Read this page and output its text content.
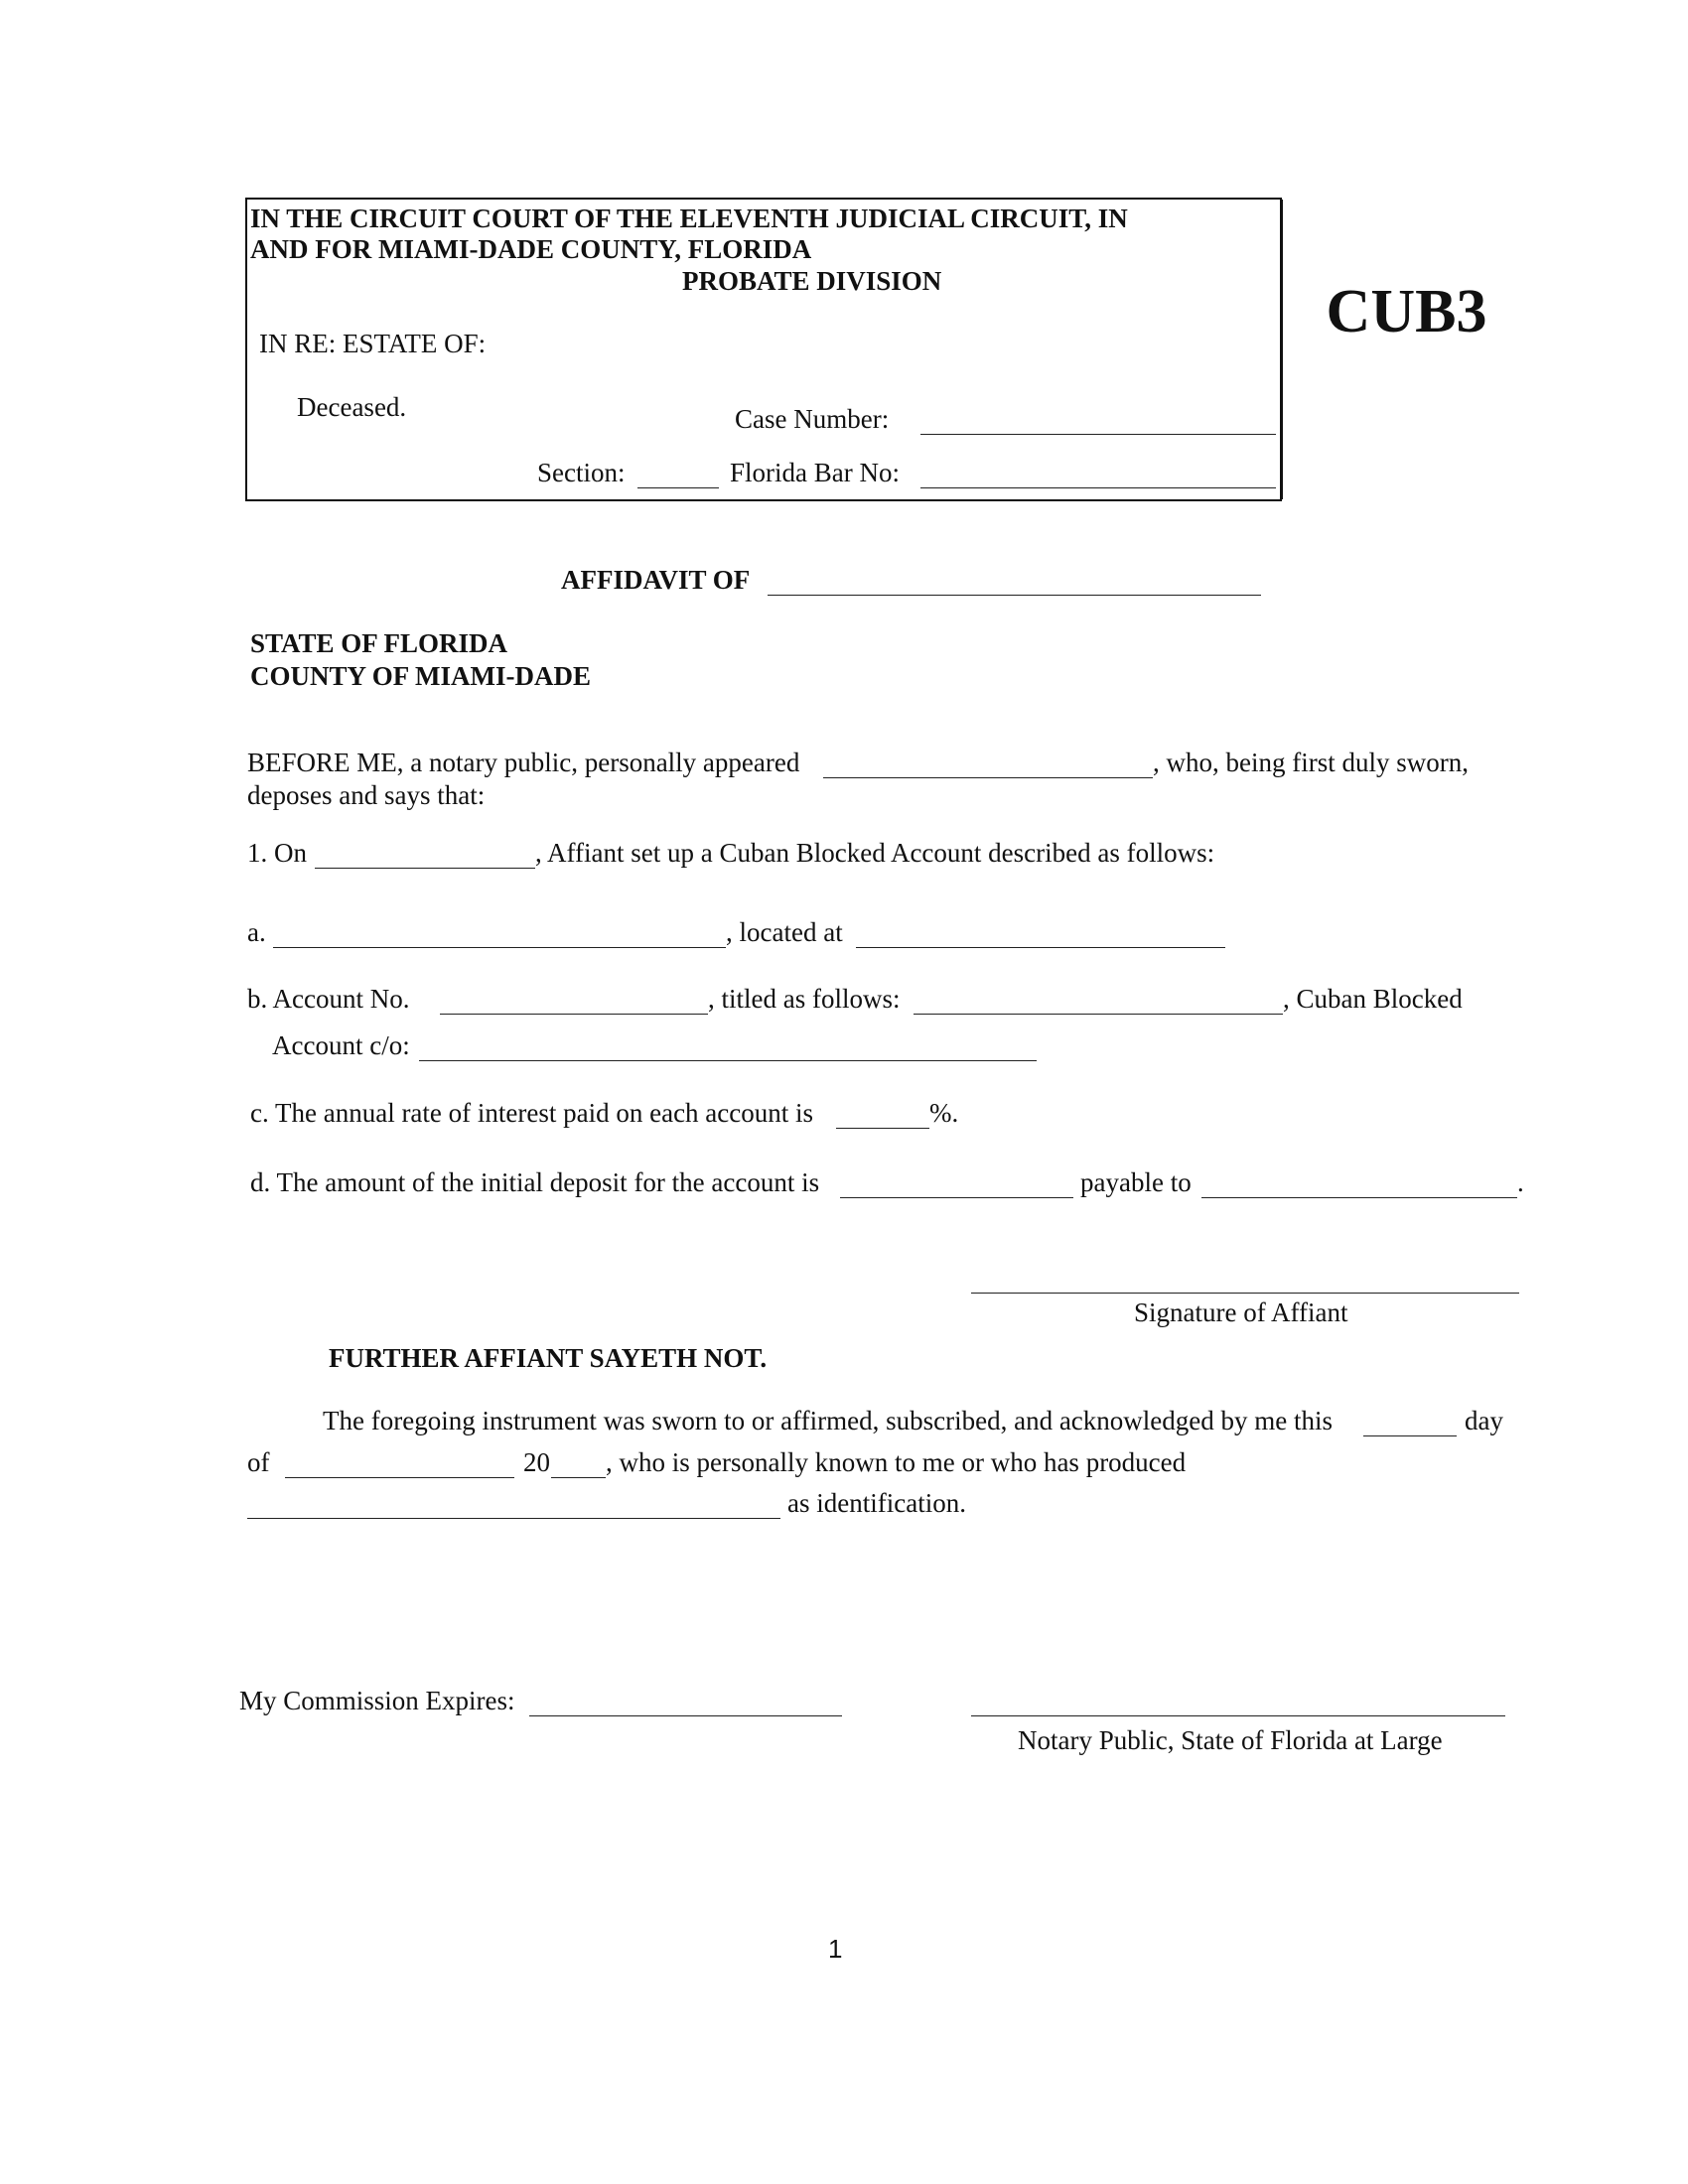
IN THE CIRCUIT COURT OF THE ELEVENTH JUDICIAL CIRCUIT, IN
AND FOR MIAMI-DADE COUNTY, FLORIDA
PROBATE DIVISION
IN RE: ESTATE OF:
Deceased.	Case Number:
Section:	Florida Bar No:
CUB3
AFFIDAVIT OF
STATE OF FLORIDA
COUNTY OF MIAMI-DADE
BEFORE ME, a notary public, personally appeared	, who, being first duly sworn,
deposes and says that:
1. On	, Affiant set up a Cuban Blocked Account described as follows:
a.	, located at
b. Account No.	, titled as follows:	, Cuban Blocked
Account c/o:
c. The annual rate of interest paid on each account is	%.
d. The amount of the initial deposit for the account is	payable to	.
Signature of Affiant
FURTHER AFFIANT SAYETH NOT.
The foregoing instrument was sworn to or affirmed, subscribed, and acknowledged by me this	day
of	20 , who is personally known to me or who has produced
as identification.
My Commission Expires:
Notary Public, State of Florida at Large
1
